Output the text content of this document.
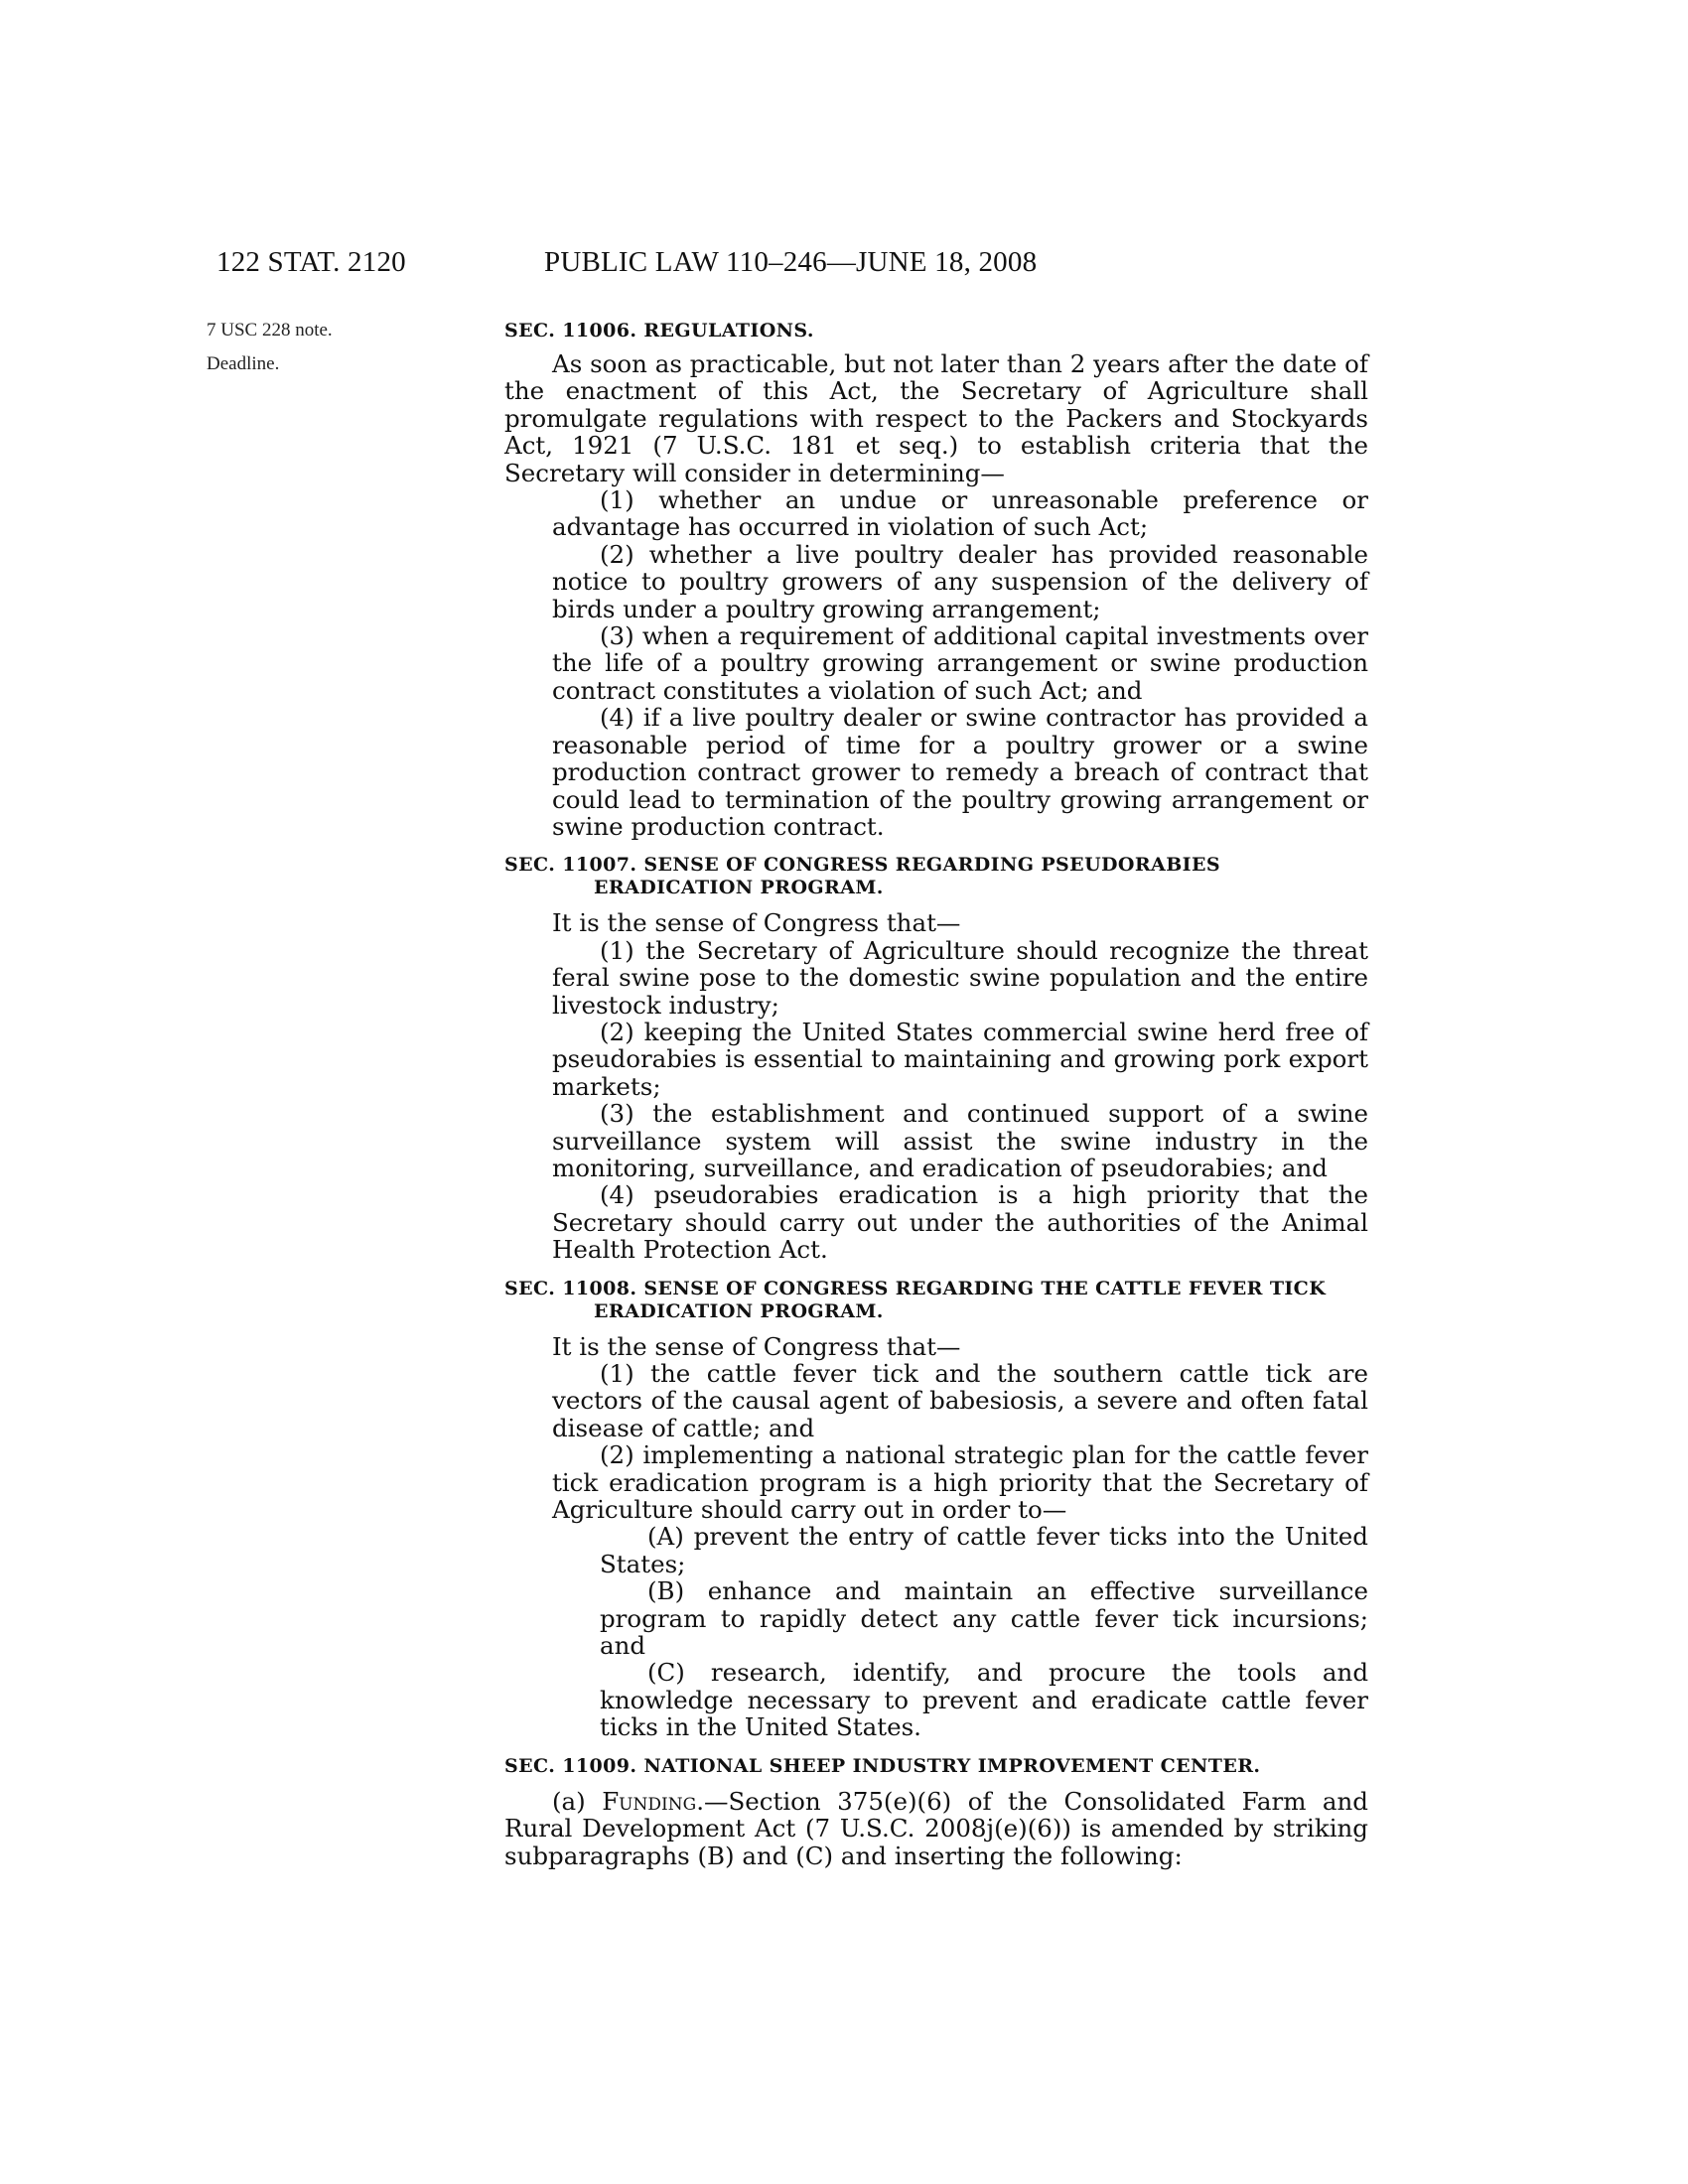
122 STAT. 2120	PUBLIC LAW 110–246—JUNE 18, 2008
7 USC 228 note.
Deadline.
SEC. 11006. REGULATIONS.

As soon as practicable, but not later than 2 years after the date of the enactment of this Act, the Secretary of Agriculture shall promulgate regulations with respect to the Packers and Stockyards Act, 1921 (7 U.S.C. 181 et seq.) to establish criteria that the Secretary will consider in determining—

(1) whether an undue or unreasonable preference or advantage has occurred in violation of such Act;

(2) whether a live poultry dealer has provided reasonable notice to poultry growers of any suspension of the delivery of birds under a poultry growing arrangement;

(3) when a requirement of additional capital investments over the life of a poultry growing arrangement or swine production contract constitutes a violation of such Act; and

(4) if a live poultry dealer or swine contractor has provided a reasonable period of time for a poultry grower or a swine production contract grower to remedy a breach of contract that could lead to termination of the poultry growing arrangement or swine production contract.

SEC. 11007. SENSE OF CONGRESS REGARDING PSEUDORABIES ERADICATION PROGRAM.

It is the sense of Congress that—

(1) the Secretary of Agriculture should recognize the threat feral swine pose to the domestic swine population and the entire livestock industry;

(2) keeping the United States commercial swine herd free of pseudorabies is essential to maintaining and growing pork export markets;

(3) the establishment and continued support of a swine surveillance system will assist the swine industry in the monitoring, surveillance, and eradication of pseudorabies; and

(4) pseudorabies eradication is a high priority that the Secretary should carry out under the authorities of the Animal Health Protection Act.

SEC. 11008. SENSE OF CONGRESS REGARDING THE CATTLE FEVER TICK ERADICATION PROGRAM.

It is the sense of Congress that—

(1) the cattle fever tick and the southern cattle tick are vectors of the causal agent of babesiosis, a severe and often fatal disease of cattle; and

(2) implementing a national strategic plan for the cattle fever tick eradication program is a high priority that the Secretary of Agriculture should carry out in order to—

(A) prevent the entry of cattle fever ticks into the United States;

(B) enhance and maintain an effective surveillance program to rapidly detect any cattle fever tick incursions; and

(C) research, identify, and procure the tools and knowledge necessary to prevent and eradicate cattle fever ticks in the United States.

SEC. 11009. NATIONAL SHEEP INDUSTRY IMPROVEMENT CENTER.

(a) Funding.—Section 375(e)(6) of the Consolidated Farm and Rural Development Act (7 U.S.C. 2008j(e)(6)) is amended by striking subparagraphs (B) and (C) and inserting the following:
